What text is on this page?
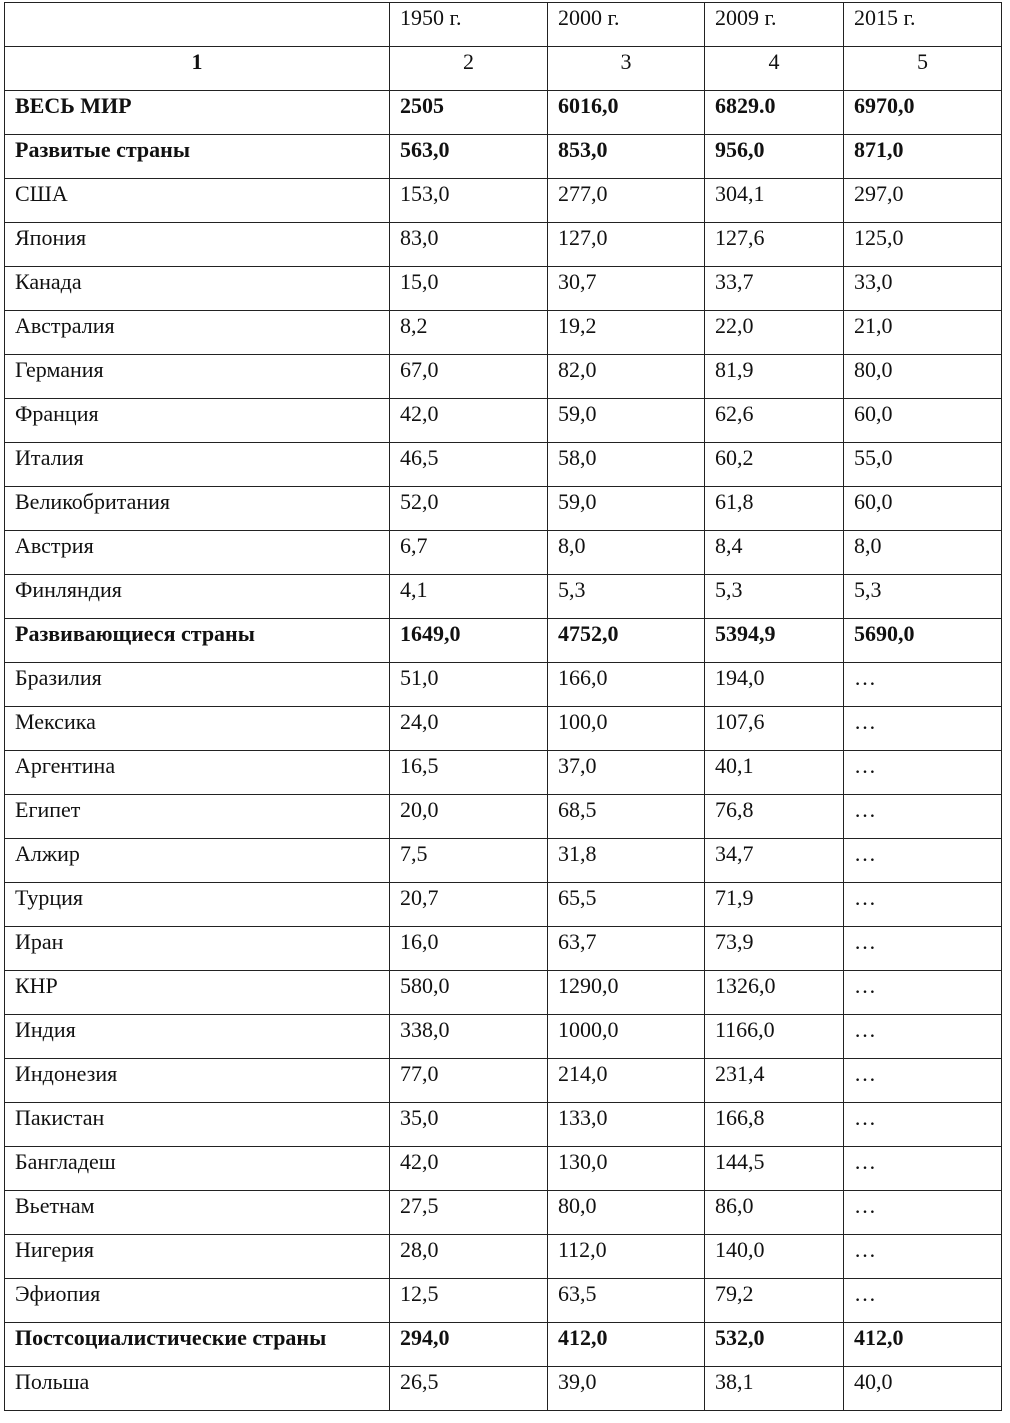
	1950 г.	2000 г.	2009 г.	2015 г.
1	2	3	4	5
ВЕСЬ МИР	2505	6016,0	6829.0	6970,0
Развитые страны	563,0	853,0	956,0	871,0
США	153,0	277,0	304,1	297,0
Япония	83,0	127,0	127,6	125,0
Канада	15,0	30,7	33,7	33,0
Австралия	8,2	19,2	22,0	21,0
Германия	67,0	82,0	81,9	80,0
Франция	42,0	59,0	62,6	60,0
Италия	46,5	58,0	60,2	55,0
Великобритания	52,0	59,0	61,8	60,0
Австрия	6,7	8,0	8,4	8,0
Финляндия	4,1	5,3	5,3	5,3
Развивающиеся страны	1649,0	4752,0	5394,9	5690,0
Бразилия	51,0	166,0	194,0	…
Мексика	24,0	100,0	107,6	…
Аргентина	16,5	37,0	40,1	…
Египет	20,0	68,5	76,8	…
Алжир	7,5	31,8	34,7	…
Турция	20,7	65,5	71,9	…
Иран	16,0	63,7	73,9	…
КНР	580,0	1290,0	1326,0	…
Индия	338,0	1000,0	1166,0	…
Индонезия	77,0	214,0	231,4	…
Пакистан	35,0	133,0	166,8	…
Бангладеш	42,0	130,0	144,5	…
Вьетнам	27,5	80,0	86,0	…
Нигерия	28,0	112,0	140,0	…
Эфиопия	12,5	63,5	79,2	…
Постсоциалистические страны	294,0	412,0	532,0	412,0
Польша	26,5	39,0	38,1	40,0
